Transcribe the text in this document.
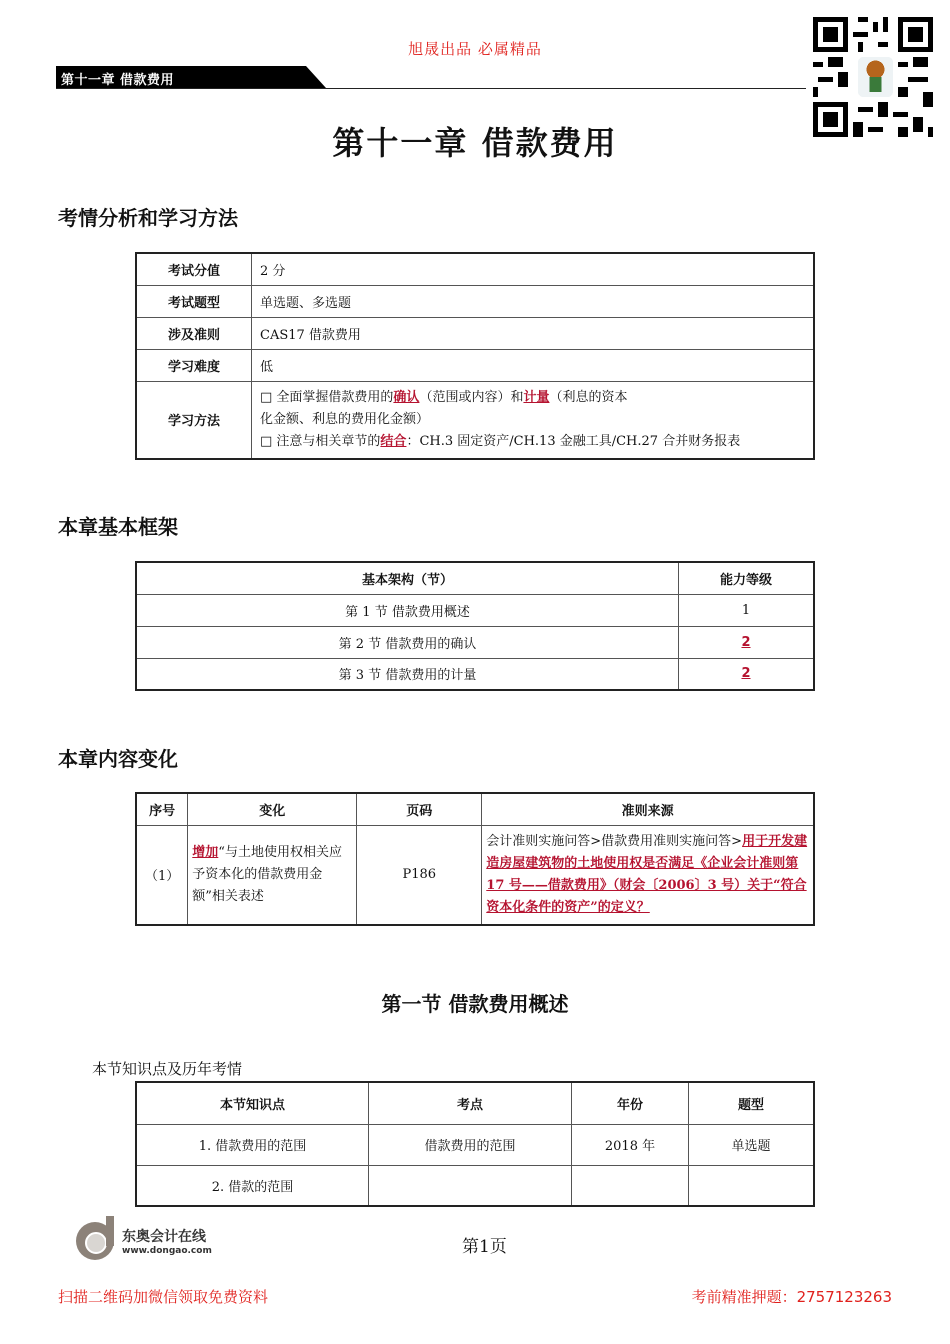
旭晟出品 必属精品
第十一章 借款费用
第十一章 借款费用
考情分析和学习方法
考试分值	2 分
考试题型	单选题、多选题
涉及准则	CAS17 借款费用
学习难度	低
学习方法	□ 全面掌握借款费用的确认（范围或内容）和计量（利息的资本
化金额、利息的费用化金额）
□ 注意与相关章节的结合：CH.3 固定资产/CH.13 金融工具/CH.27 合并财务报表
本章基本框架
基本架构（节）	能力等级
第 1 节 借款费用概述	1
第 2 节 借款费用的确认	2
第 3 节 借款费用的计量	2
本章内容变化
序号	变化	页码	准则来源
（1）	增加“与土地使用权相关应予资本化的借款费用金额”相关表述	P186	会计准则实施问答>借款费用准则实施问答>用于开发建造房屋建筑物的土地使用权是否满足《企业会计准则第 17 号——借款费用》（财会〔2006〕3 号）关于“符合资本化条件的资产”的定义？
第一节 借款费用概述
本节知识点及历年考情
本节知识点	考点	年份	题型
1. 借款费用的范围	借款费用的范围	2018 年	单选题
2. 借款的范围			
东奥会计在线
www.dongao.com	第1页
扫描二维码加微信领取免费资料	考前精准押题：2757123263
